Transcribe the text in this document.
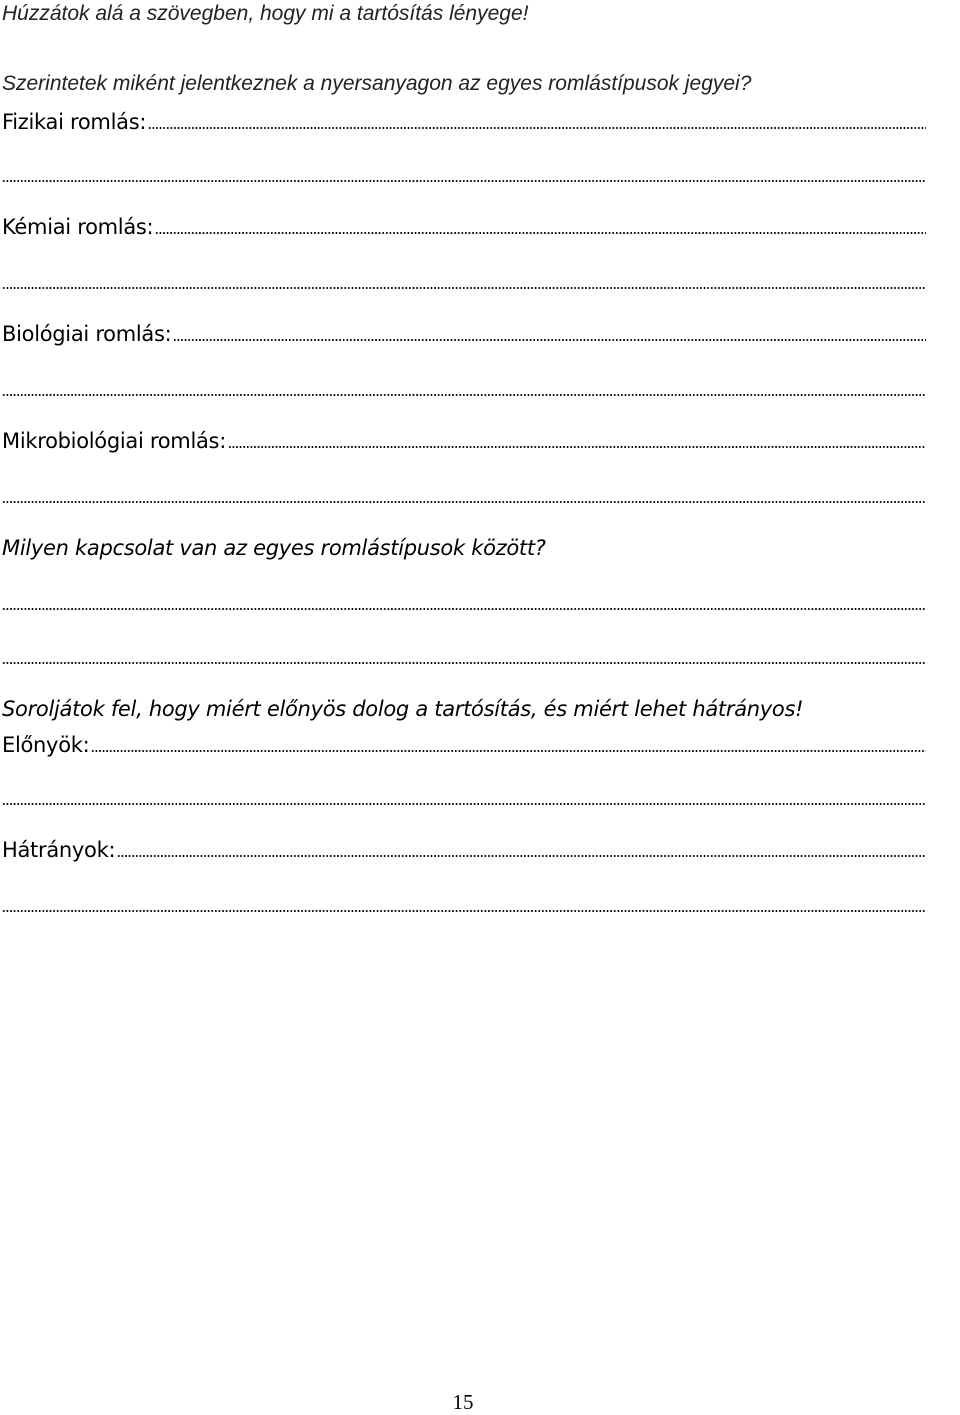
Húzzátok alá a szövegben, hogy mi a tartósítás lényege!
Szerintetek miként jelentkeznek a nyersanyagon az egyes romlástípusok jegyei?
Fizikai romlás:
Kémiai romlás:
Biológiai romlás:
Mikrobiológiai romlás:
Milyen kapcsolat van az egyes romlástípusok között?
Soroljátok fel, hogy miért előnyös dolog a tartósítás, és miért lehet hátrányos!
Előnyök:
Hátrányok:
15
